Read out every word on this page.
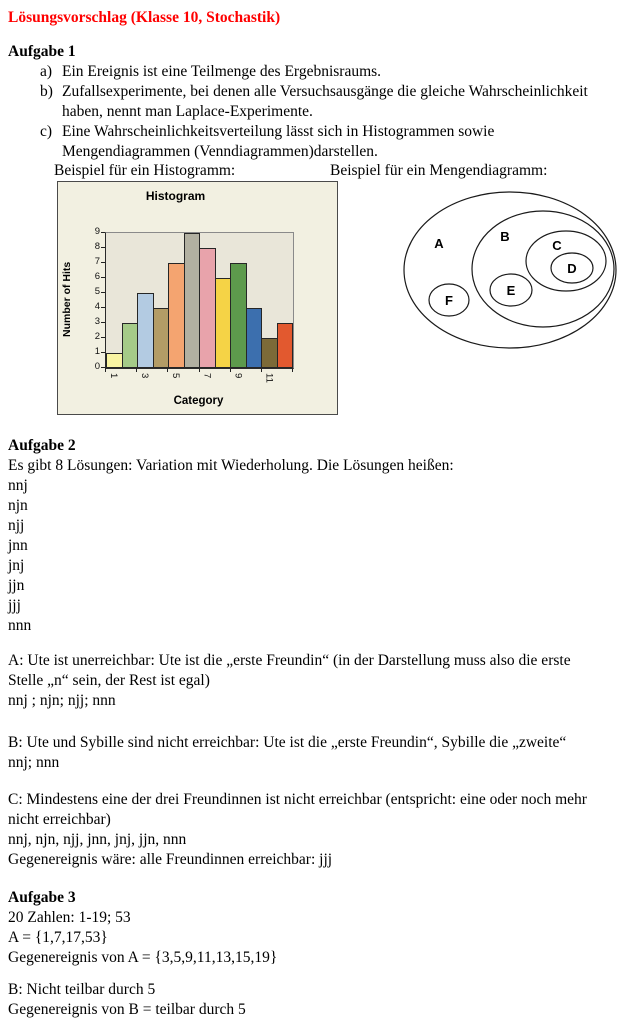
Lösungsvorschlag (Klasse 10, Stochastik)
Aufgabe 1
a) Ein Ereignis ist eine Teilmenge des Ergebnisraums.
b) Zufallsexperimente, bei denen alle Versuchsausgänge die gleiche Wahrscheinlichkeit
haben, nennt man Laplace-Experimente.
c) Eine Wahrscheinlichkeitsverteilung lässt sich in Histogrammen sowie
Mengendiagrammen (Venndiagrammen)darstellen.
Beispiel für ein Histogramm:	Beispiel für ein Mengendiagramm:
Histogram
Number of Hits
Category
0
1
2
3
4
5
6
7
8
9
1 3 5 7 9 11
A	B
C
D
E
F
Aufgabe 2
Es gibt 8 Lösungen: Variation mit Wiederholung. Die Lösungen heißen:
nnj
njn
njj
jnn
jnj
jjn
jjj
nnn
A: Ute ist unerreichbar: Ute ist die „erste Freundin“ (in der Darstellung muss also die erste
Stelle „n“ sein, der Rest ist egal)
nnj ; njn; njj; nnn
B: Ute und Sybille sind nicht erreichbar: Ute ist die „erste Freundin“, Sybille die „zweite“
nnj; nnn
C: Mindestens eine der drei Freundinnen ist nicht erreichbar (entspricht: eine oder noch mehr
nicht erreichbar)
nnj, njn, njj, jnn, jnj, jjn, nnn
Gegenereignis wäre: alle Freundinnen erreichbar: jjj
Aufgabe 3
20 Zahlen: 1-19; 53
A = {1,7,17,53}
Gegenereignis von A = {3,5,9,11,13,15,19}
B: Nicht teilbar durch 5
Gegenereignis von B = teilbar durch 5
